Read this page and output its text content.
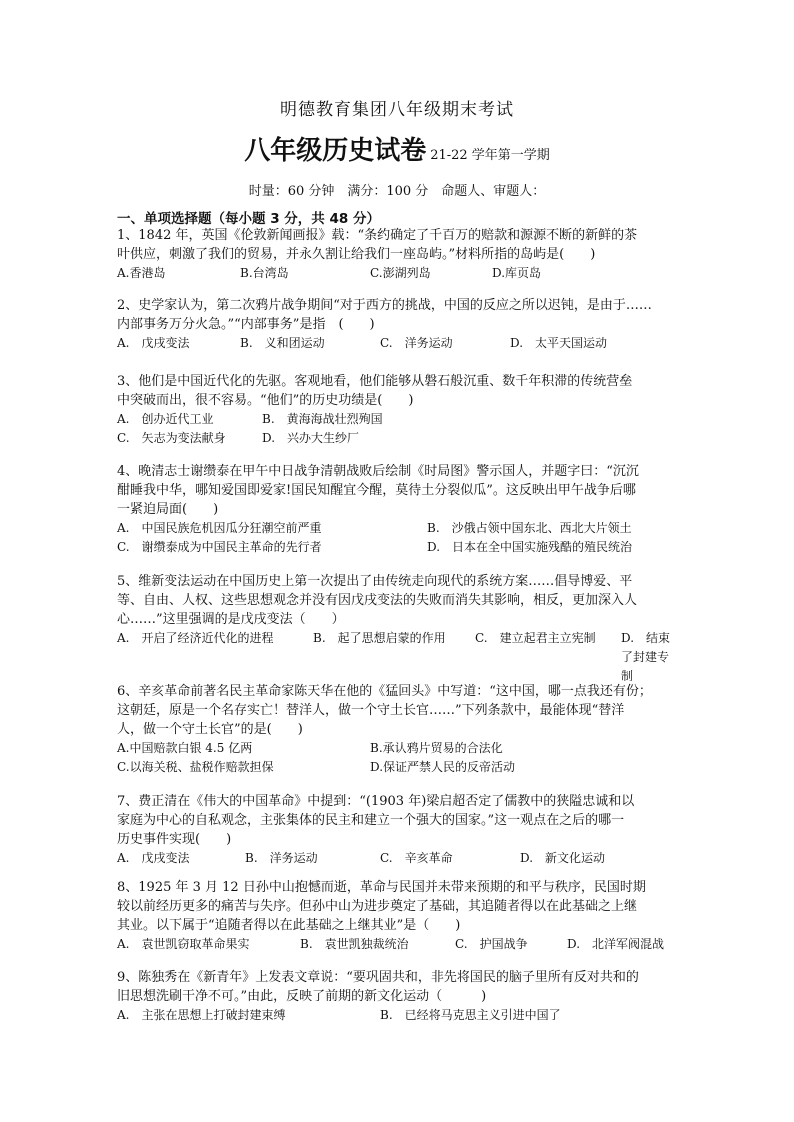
明德教育集团八年级期末考试
八年级历史试卷 21-22 学年第一学期
时量：60 分钟　满分：100 分　命题人、审题人：
一、单项选择题（每小题 3 分，共 48 分）
1、1842 年，英国《伦敦新闻画报》载：“条约确定了千百万的赔款和源源不断的新鲜的茶
叶供应，刺激了我们的贸易，并永久割让给我们一座岛屿。”材料所指的岛屿是(　　)
A.香港岛	B.台湾岛	C.澎湖列岛	D.库页岛
2、史学家认为，第二次鸦片战争期间“对于西方的挑战，中国的反应之所以迟钝，是由于……
内部事务万分火急。”“内部事务”是指　(　　)
A.　戊戌变法	B.　义和团运动	C.　洋务运动	D.　太平天国运动
3、他们是中国近代化的先驱。客观地看，他们能够从磐石般沉重、数千年积滞的传统营垒
中突破而出，很不容易。“他们”的历史功绩是(　　)
A.　创办近代工业	B.　黄海海战壮烈殉国
C.　矢志为变法献身	D.　兴办大生纱厂
4、晚清志士谢缵泰在甲午中日战争清朝战败后绘制《时局图》警示国人，并题字曰：“沉沉
酣睡我中华，哪知爱国即爱家!国民知醒宜今醒，莫待土分裂似瓜”。这反映出甲午战争后哪
一紧迫局面(　　)
A.　中国民族危机因瓜分狂潮空前严重	B.　沙俄占领中国东北、西北大片领土
C.　谢缵泰成为中国民主革命的先行者	D.　日本在全中国实施残酷的殖民统治
5、维新变法运动在中国历史上第一次提出了由传统走向现代的系统方案……倡导博爱、平
等、自由、人权、这些思想观念并没有因戊戌变法的失败而消失其影响，相反，更加深入人
心……”这里强调的是戊戌变法（　　）
A.　开启了经济近代化的进程	B.　起了思想启蒙的作用 C.　建立起君主立宪制 D.　结束
了封建专制
6、辛亥革命前著名民主革命家陈天华在他的《猛回头》中写道：“这中国，哪一点我还有份；
这朝廷，原是一个名存实亡！替洋人，做一个守土长官……”下列条款中，最能体现“替洋
人，做一个守土长官”的是(　　)
A.中国赔款白银 4.5 亿两	B.承认鸦片贸易的合法化
C.以海关税、盐税作赔款担保	D.保证严禁人民的反帝活动
7、费正清在《伟大的中国革命》中提到：“(1903 年)梁启超否定了儒教中的狭隘忠诚和以
家庭为中心的自私观念，主张集体的民主和建立一个强大的国家。”这一观点在之后的哪一
历史事件实现(　　)
A.　戊戌变法	B.　洋务运动	C.　辛亥革命	D.　新文化运动
8、1925 年 3 月 12 日孙中山抱憾而逝，革命与民国并未带来预期的和平与秩序，民国时期
较以前经历更多的痛苦与失序。但孙中山为进步奠定了基础，其追随者得以在此基础之上继
其业。以下属于“追随者得以在此基础之上继其业”是（　　)
A.　袁世凯窃取革命果实	B.　袁世凯独裁统治	C.　护国战争	D.　北洋军阀混战
9、陈独秀在《新青年》上发表文章说：“要巩固共和，非先将国民的脑子里所有反对共和的
旧思想洗刷干净不可。”由此，反映了前期的新文化运动（　　　)
A.　主张在思想上打破封建束缚	B.　已经将马克思主义引进中国了
